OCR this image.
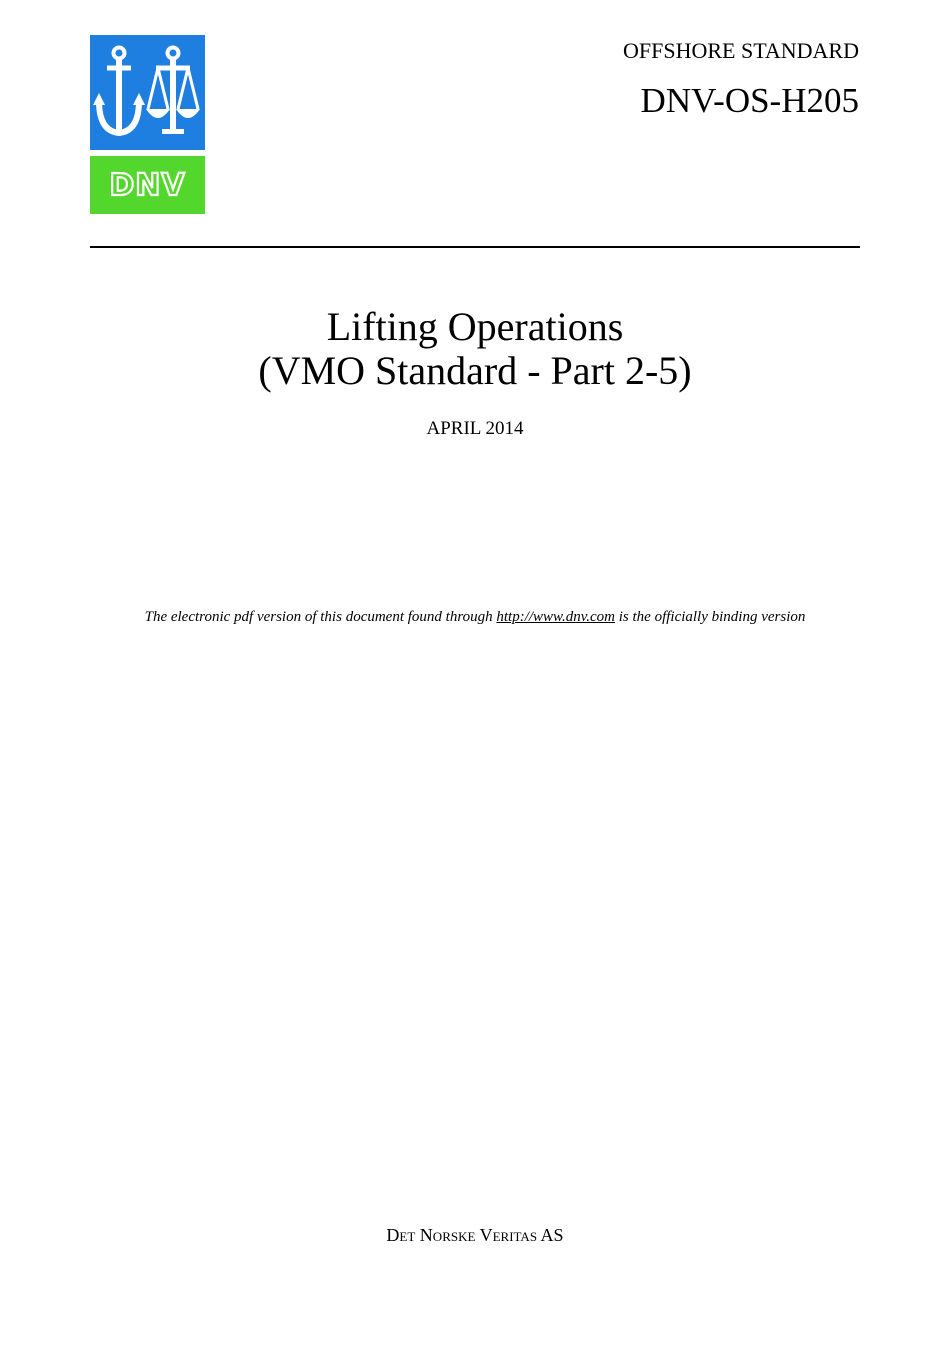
DNV
OFFSHORE STANDARD
DNV-OS-H205
Lifting Operations
(VMO Standard - Part 2-5)
APRIL 2014
The electronic pdf version of this document found through http://www.dnv.com is the officially binding version
Det Norske Veritas AS
